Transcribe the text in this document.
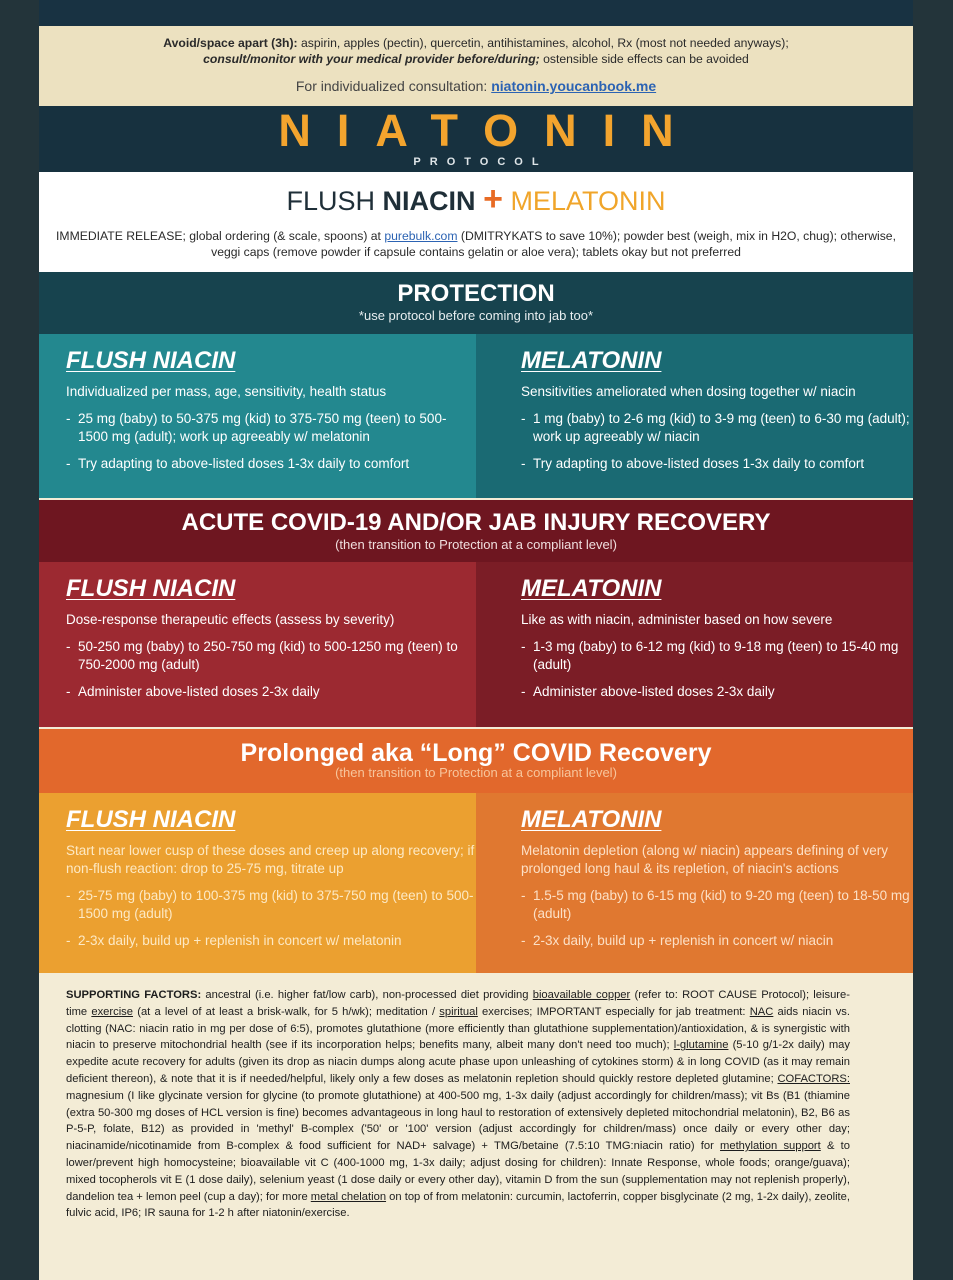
Avoid/space apart (3h): aspirin, apples (pectin), quercetin, antihistamines, alcohol, Rx (most not needed anyways);
consult/monitor with your medical provider before/during; ostensible side effects can be avoided
For individualized consultation: niatonin.youcanbook.me
NIATONIN
PROTOCOL
FLUSH NIACIN + MELATONIN
IMMEDIATE RELEASE; global ordering (& scale, spoons) at purebulk.com (DMITRYKATS to save 10%); powder best (weigh, mix in H2O, chug); otherwise, veggi caps (remove powder if capsule contains gelatin or aloe vera); tablets okay but not preferred
PROTECTION
*use protocol before coming into jab too*
FLUSH NIACIN
Individualized per mass, age, sensitivity, health status
- 25 mg (baby) to 50-375 mg (kid) to 375-750 mg (teen) to 500-1500 mg (adult); work up agreeably w/ melatonin
- Try adapting to above-listed doses 1-3x daily to comfort
MELATONIN
Sensitivities ameliorated when dosing together w/ niacin
- 1 mg (baby) to 2-6 mg (kid) to 3-9 mg (teen) to 6-30 mg (adult); work up agreeably w/ niacin
- Try adapting to above-listed doses 1-3x daily to comfort
ACUTE COVID-19 AND/OR JAB INJURY RECOVERY
(then transition to Protection at a compliant level)
FLUSH NIACIN
Dose-response therapeutic effects (assess by severity)
- 50-250 mg (baby) to 250-750 mg (kid) to 500-1250 mg (teen) to 750-2000 mg (adult)
- Administer above-listed doses 2-3x daily
MELATONIN
Like as with niacin, administer based on how severe
- 1-3 mg (baby) to 6-12 mg (kid) to 9-18 mg (teen) to 15-40 mg (adult)
- Administer above-listed doses 2-3x daily
Prolonged aka “Long” COVID Recovery
(then transition to Protection at a compliant level)
FLUSH NIACIN
Start near lower cusp of these doses and creep up along recovery; if non-flush reaction: drop to 25-75 mg, titrate up
- 25-75 mg (baby) to 100-375 mg (kid) to 375-750 mg (teen) to 500-1500 mg (adult)
- 2-3x daily, build up + replenish in concert w/ melatonin
MELATONIN
Melatonin depletion (along w/ niacin) appears defining of very prolonged long haul & its repletion, of niacin's actions
- 1.5-5 mg (baby) to 6-15 mg (kid) to 9-20 mg (teen) to 18-50 mg (adult)
- 2-3x daily, build up + replenish in concert w/ niacin
SUPPORTING FACTORS: ancestral (i.e. higher fat/low carb), non-processed diet providing bioavailable copper (refer to: ROOT CAUSE Protocol); leisure-time exercise (at a level of at least a brisk-walk, for 5 h/wk); meditation / spiritual exercises; IMPORTANT especially for jab treatment: NAC aids niacin vs. clotting (NAC: niacin ratio in mg per dose of 6:5), promotes glutathione (more efficiently than glutathione supplementation)/antioxidation, & is synergistic with niacin to preserve mitochondrial health (see if its incorporation helps; benefits many, albeit many don't need too much); l-glutamine (5-10 g/1-2x daily) may expedite acute recovery for adults (given its drop as niacin dumps along acute phase upon unleashing of cytokines storm) & in long COVID (as it may remain deficient thereon), & note that it is if needed/helpful, likely only a few doses as melatonin repletion should quickly restore depleted glutamine; COFACTORS: magnesium (I like glycinate version for glycine (to promote glutathione) at 400-500 mg, 1-3x daily (adjust accordingly for children/mass); vit Bs (B1 (thiamine (extra 50-300 mg doses of HCL version is fine) becomes advantageous in long haul to restoration of extensively depleted mitochondrial melatonin), B2, B6 as P-5-P, folate, B12) as provided in 'methyl' B-complex ('50' or '100' version (adjust accordingly for children/mass) once daily or every other day; niacinamide/nicotinamide from B-complex & food sufficient for NAD+ salvage) + TMG/betaine (7.5:10 TMG:niacin ratio) for methylation support & to lower/prevent high homocysteine; bioavailable vit C (400-1000 mg, 1-3x daily; adjust dosing for children): Innate Response, whole foods; orange/guava); mixed tocopherols vit E (1 dose daily), selenium yeast (1 dose daily or every other day), vitamin D from the sun (supplementation may not replenish properly), dandelion tea + lemon peel (cup a day); for more metal chelation on top of from melatonin: curcumin, lactoferrin, copper bisglycinate (2 mg, 1-2x daily), zeolite, fulvic acid, IP6; IR sauna for 1-2 h after niatonin/exercise.
